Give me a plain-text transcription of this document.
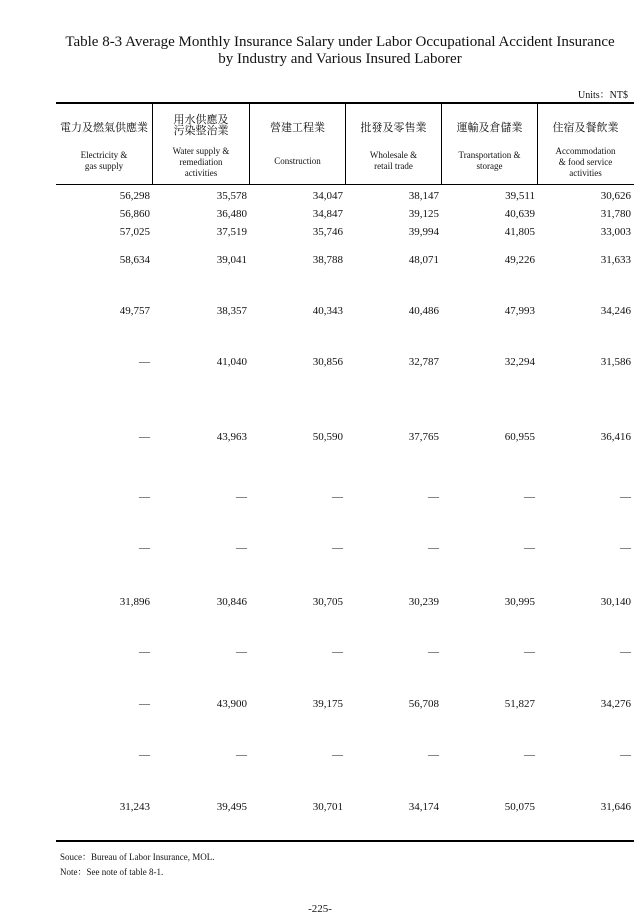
Table 8-3 Average Monthly Insurance Salary under Labor Occupational Accident Insurance
by Industry and Various Insured Laborer
Units：NT$
電力及燃氣供應業
Electricity &
gas supply
用水供應及
污染整治業
Water supply &
remediation
activities
營建工程業
Construction
批發及零售業
Wholesale &
retail trade
運輸及倉儲業
Transportation &
storage
住宿及餐飲業
Accommodation
& food service
activities
56,298	35,578	34,047	38,147	39,511	30,626
56,860	36,480	34,847	39,125	40,639	31,780
57,025	37,519	35,746	39,994	41,805	33,003
58,634	39,041	38,788	48,071	49,226	31,633
49,757	38,357	40,343	40,486	47,993	34,246
—	41,040	30,856	32,787	32,294	31,586
—	43,963	50,590	37,765	60,955	36,416
—	—	—	—	—	—
—	—	—	—	—	—
31,896	30,846	30,705	30,239	30,995	30,140
—	—	—	—	—	—
—	43,900	39,175	56,708	51,827	34,276
—	—	—	—	—	—
31,243	39,495	30,701	34,174	50,075	31,646
Souce：Bureau of Labor Insurance, MOL.
Note：See note of table 8-1.
-225-
